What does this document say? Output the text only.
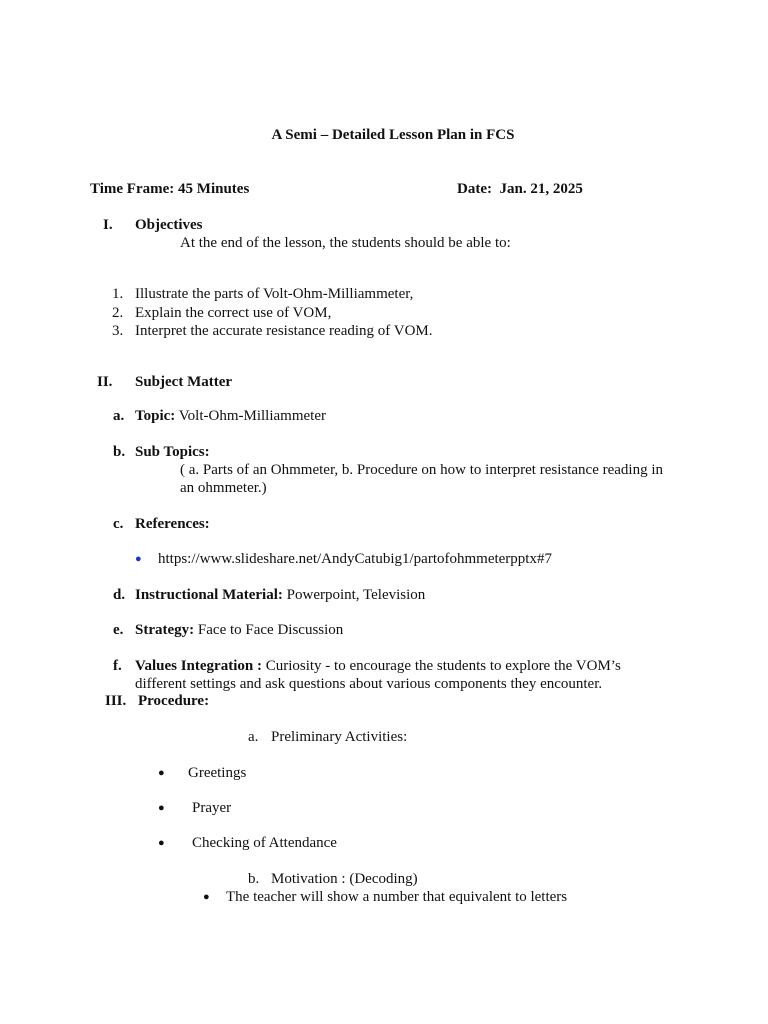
A Semi – Detailed Lesson Plan in FCS
Time Frame: 45 Minutes	Date: Jan. 21, 2025
I. Objectives
At the end of the lesson, the students should be able to:
1. Illustrate the parts of Volt-Ohm-Milliammeter,
2. Explain the correct use of VOM,
3. Interpret the accurate resistance reading of VOM.
II. Subject Matter
a. Topic: Volt-Ohm-Milliammeter
b. Sub Topics:
( a. Parts of an Ohmmeter, b. Procedure on how to interpret resistance reading in
an ohmmeter.)
c. References:
● https://www.slideshare.net/AndyCatubig1/partofohmmeterpptx#7
d. Instructional Material: Powerpoint, Television
e. Strategy: Face to Face Discussion
f. Values Integration : Curiosity - to encourage the students to explore the VOM’s
different settings and ask questions about various components they encounter.
III. Procedure:
a. Preliminary Activities:
● Greetings
● Prayer
● Checking of Attendance
b. Motivation : (Decoding)
● The teacher will show a number that equivalent to letters
